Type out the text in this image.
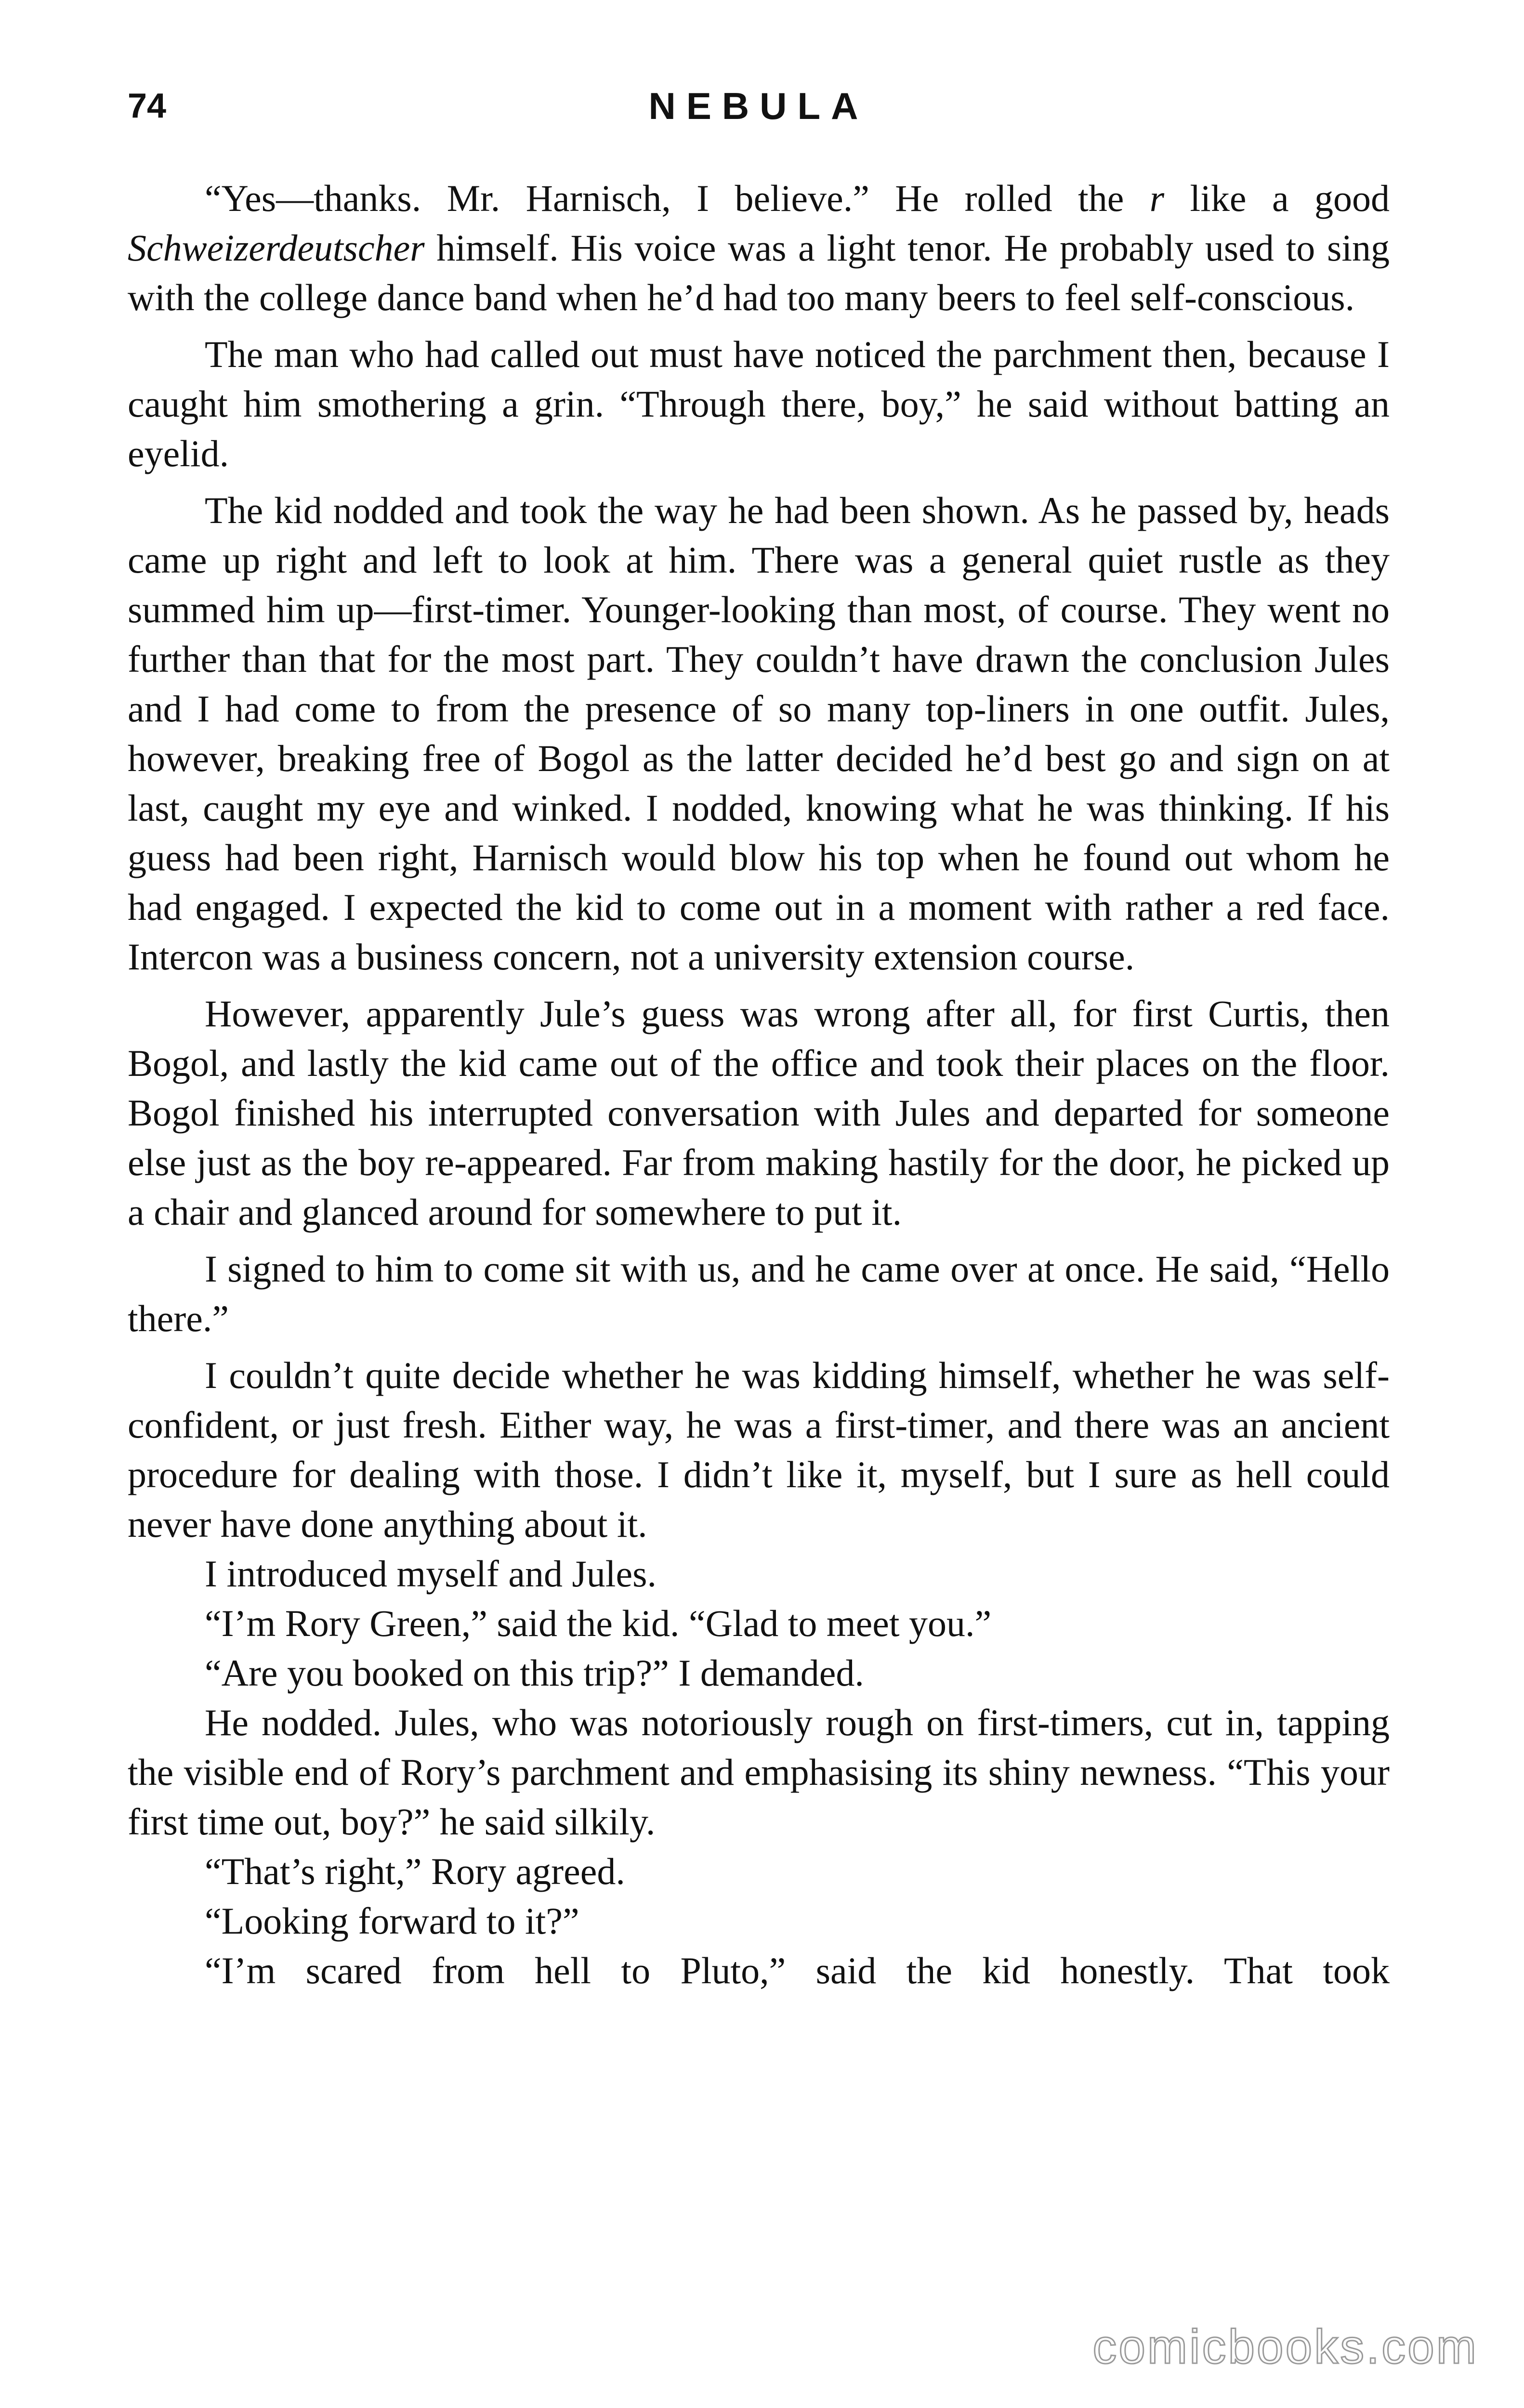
74	NEBULA

“Yes—thanks. Mr. Harnisch, I believe.” He rolled the r like a good Schweizerdeutscher himself. His voice was a light tenor. He probably used to sing with the college dance band when he’d had too many beers to feel self-conscious.

The man who had called out must have noticed the parchment then, because I caught him smothering a grin. “Through there, boy,” he said without batting an eyelid.

The kid nodded and took the way he had been shown. As he passed by, heads came up right and left to look at him. There was a general quiet rustle as they summed him up—first-timer. Younger-looking than most, of course. They went no further than that for the most part. They couldn’t have drawn the conclusion Jules and I had come to from the presence of so many top-liners in one outfit. Jules, however, breaking free of Bogol as the latter decided he’d best go and sign on at last, caught my eye and winked. I nodded, knowing what he was thinking. If his guess had been right, Harnisch would blow his top when he found out whom he had engaged. I expected the kid to come out in a moment with rather a red face. Intercon was a business concern, not a university extension course.

However, apparently Jule’s guess was wrong after all, for first Curtis, then Bogol, and lastly the kid came out of the office and took their places on the floor. Bogol finished his interrupted conversation with Jules and departed for someone else just as the boy re-appeared. Far from making hastily for the door, he picked up a chair and glanced around for somewhere to put it.

I signed to him to come sit with us, and he came over at once. He said, “Hello there.”

I couldn’t quite decide whether he was kidding himself, whether he was self-confident, or just fresh. Either way, he was a first-timer, and there was an ancient procedure for dealing with those. I didn’t like it, myself, but I sure as hell could never have done anything about it.

I introduced myself and Jules.

“I’m Rory Green,” said the kid. “Glad to meet you.”

“Are you booked on this trip?” I demanded.

He nodded. Jules, who was notoriously rough on first-timers, cut in, tapping the visible end of Rory’s parchment and emphasising its shiny newness. “This your first time out, boy?” he said silkily.

“That’s right,” Rory agreed.

“Looking forward to it?”

“I’m scared from hell to Pluto,” said the kid honestly. That took

comicbooks.com
